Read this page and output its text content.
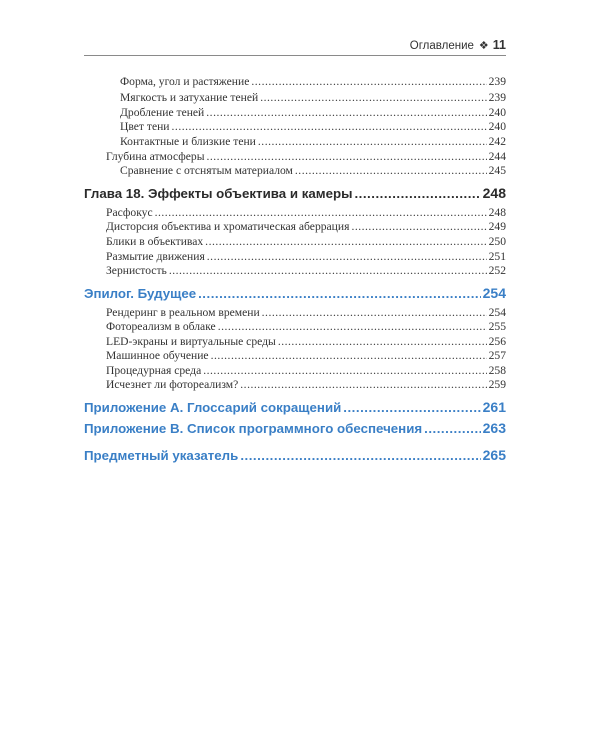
Оглавление ❖ 11
Форма, угол и растяжение .....	239
Мягкость и затухание теней .....	239
Дробление теней .....	240
Цвет тени .....	240
Контактные и близкие тени .....	242
Глубина атмосферы .....	244
Сравнение с отснятым материалом .....	245
Глава 18. Эффекты объектива и камеры .....	248
Расфокус .....	248
Дисторсия объектива и хроматическая аберрация .....	249
Блики в объективах .....	250
Размытие движения .....	251
Зернистость .....	252
Эпилог. Будущее .....	254
Рендеринг в реальном времени .....	254
Фотореализм в облаке .....	255
LED-экраны и виртуальные среды .....	256
Машинное обучение .....	257
Процедурная среда .....	258
Исчезнет ли фотореализм? .....	259
Приложение А. Глоссарий сокращений .....	261
Приложение B. Список программного обеспечения .....	263
Предметный указатель .....	265
